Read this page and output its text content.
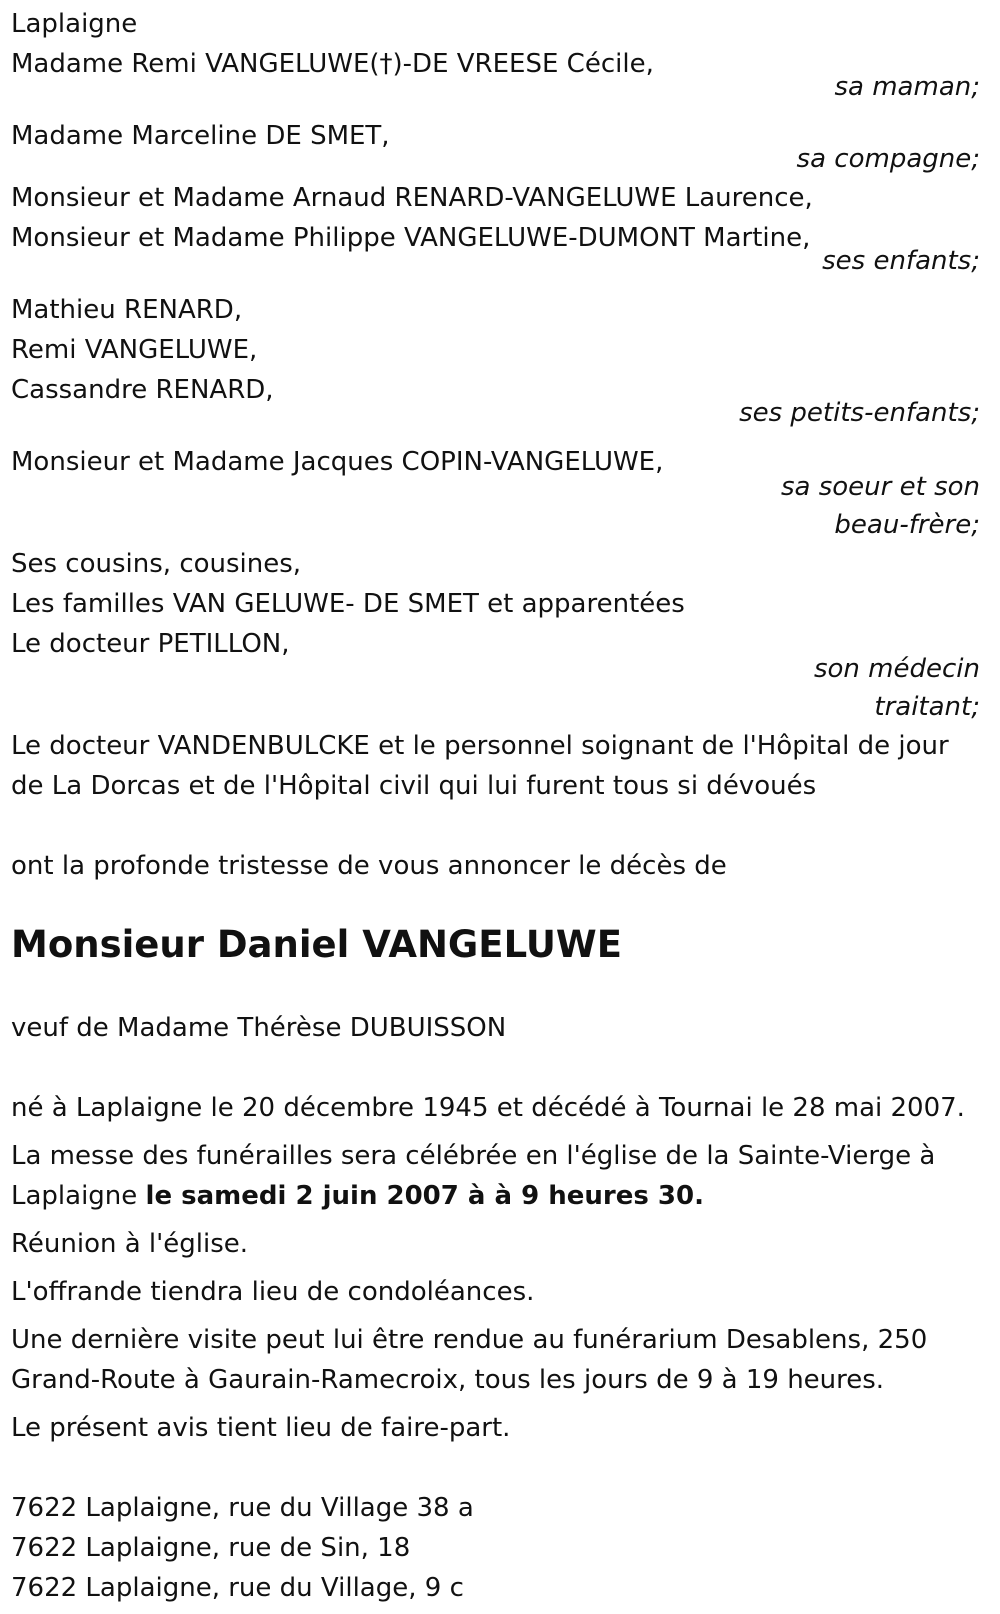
Laplaigne
Madame Remi VANGELUWE(†)-DE VREESE Cécile,
sa maman;
Madame Marceline DE SMET,
sa compagne;
Monsieur et Madame Arnaud RENARD-VANGELUWE Laurence,
Monsieur et Madame Philippe VANGELUWE-DUMONT Martine,
ses enfants;
Mathieu RENARD,
Remi VANGELUWE,
Cassandre RENARD,
ses petits-enfants;
Monsieur et Madame Jacques COPIN-VANGELUWE,
sa soeur et son
beau-frère;
Ses cousins, cousines,
Les familles VAN GELUWE- DE SMET et apparentées
Le docteur PETILLON,
son médecin
traitant;
Le docteur VANDENBULCKE et le personnel soignant de l'Hôpital de jour
de La Dorcas et de l'Hôpital civil qui lui furent tous si dévoués
ont la profonde tristesse de vous annoncer le décès de
Monsieur Daniel VANGELUWE
veuf de Madame Thérèse DUBUISSON
né à Laplaigne le 20 décembre 1945 et décédé à Tournai le 28 mai 2007.
La messe des funérailles sera célébrée en l'église de la Sainte-Vierge à Laplaigne le samedi 2 juin 2007 à à 9 heures 30.
Réunion à l'église.
L'offrande tiendra lieu de condoléances.
Une dernière visite peut lui être rendue au funérarium Desablens, 250 Grand-Route à Gaurain-Ramecroix, tous les jours de 9 à 19 heures.
Le présent avis tient lieu de faire-part.
7622 Laplaigne, rue du Village 38 a
7622 Laplaigne, rue de Sin, 18
7622 Laplaigne, rue du Village, 9 c
